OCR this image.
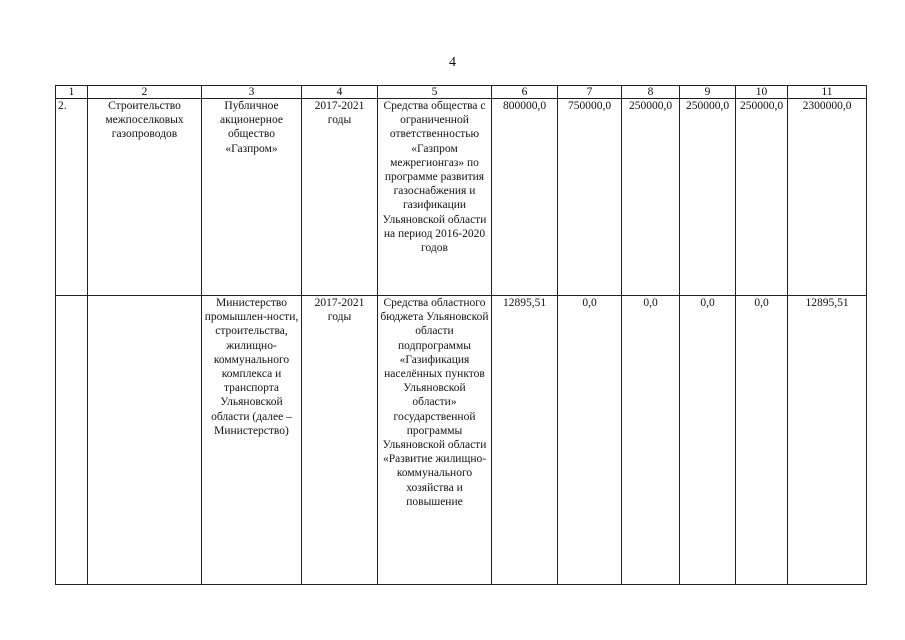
4
1	2	3	4	5	6	7	8	9	10	11
2.	Строительство межпоселковых газопроводов	Публичное акционерное общество «Газпром»	2017-2021 годы	Средства общества с ограниченной ответственностью «Газпром межрегионгаз» по программе развития газоснабжения и газификации Ульяновской области на период 2016-2020 годов	800000,0	750000,0	250000,0	250000,0	250000,0	2300000,0
		Министерство промышлен-ности, строительства, жилищно-коммунального комплекса и транспорта Ульяновской области (далее – Министерство)	2017-2021 годы	Средства областного бюджета Ульяновской области подпрограммы «Газификация населённых пунктов Ульяновской области» государственной программы Ульяновской области «Развитие жилищно-коммунального хозяйства и повышение	12895,51	0,0	0,0	0,0	0,0	12895,51
